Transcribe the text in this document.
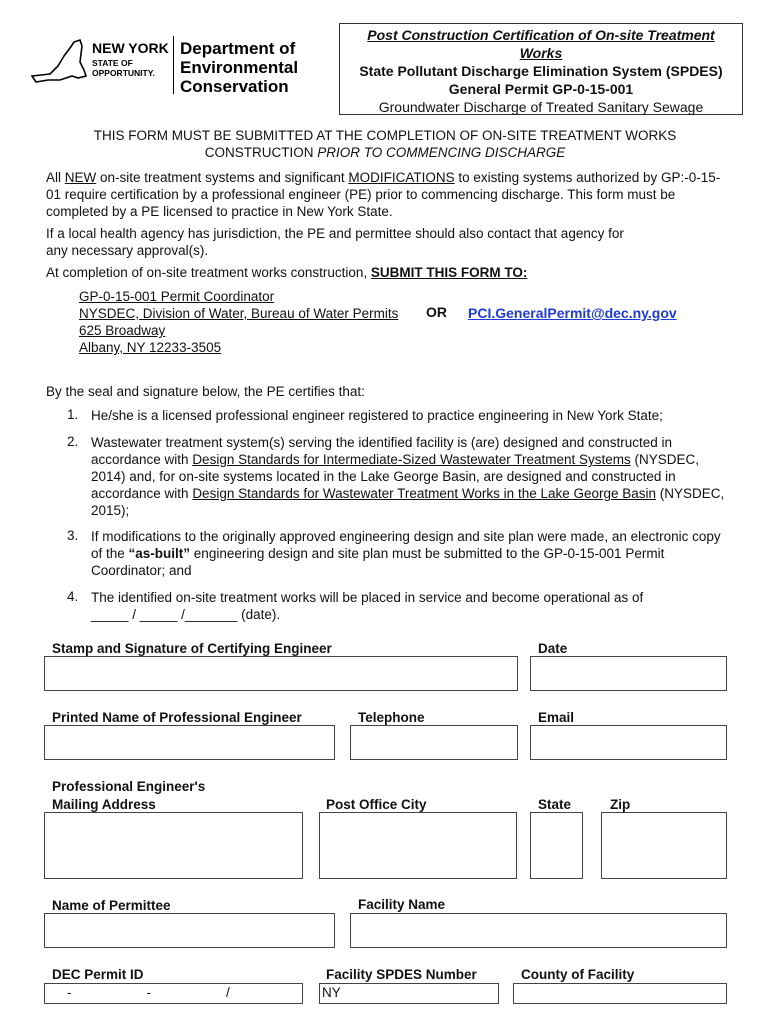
NEW YORK
STATE OF
OPPORTUNITY.
Department of
Environmental
Conservation
Post Construction Certification of On-site Treatment
Works
State Pollutant Discharge Elimination System (SPDES)
General Permit GP-0-15-001
Groundwater Discharge of Treated Sanitary Sewage
THIS FORM MUST BE SUBMITTED AT THE COMPLETION OF ON-SITE TREATMENT WORKS
CONSTRUCTION PRIOR TO COMMENCING DISCHARGE
All NEW on-site treatment systems and significant MODIFICATIONS to existing systems authorized by GP:-0-15-01 require certification by a professional engineer (PE) prior to commencing discharge. This form must be completed by a PE licensed to practice in New York State.
If a local health agency has jurisdiction, the PE and permittee should also contact that agency for any necessary approval(s).
At completion of on-site treatment works construction, SUBMIT THIS FORM TO:
GP-0-15-001 Permit Coordinator
NYSDEC, Division of Water, Bureau of Water Permits
625 Broadway
Albany, NY 12233-3505
OR PCI.GeneralPermit@dec.ny.gov
By the seal and signature below, the PE certifies that:
1. He/she is a licensed professional engineer registered to practice engineering in New York State;
2. Wastewater treatment system(s) serving the identified facility is (are) designed and constructed in accordance with Design Standards for Intermediate-Sized Wastewater Treatment Systems (NYSDEC, 2014) and, for on-site systems located in the Lake George Basin, are designed and constructed in accordance with Design Standards for Wastewater Treatment Works in the Lake George Basin (NYSDEC, 2015);
3. If modifications to the originally approved engineering design and site plan were made, an electronic copy of the “as-built” engineering design and site plan must be submitted to the GP-0-15-001 Permit Coordinator; and
4. The identified on-site treatment works will be placed in service and become operational as of
_____ / _____ /_______ (date).
Stamp and Signature of Certifying Engineer	Date
Printed Name of Professional Engineer	Telephone	Email
Professional Engineer's
Mailing Address	Post Office City	State	Zip
Name of Permittee	Facility Name
DEC Permit ID	Facility SPDES Number	County of Facility
-                    -                    /	NY
